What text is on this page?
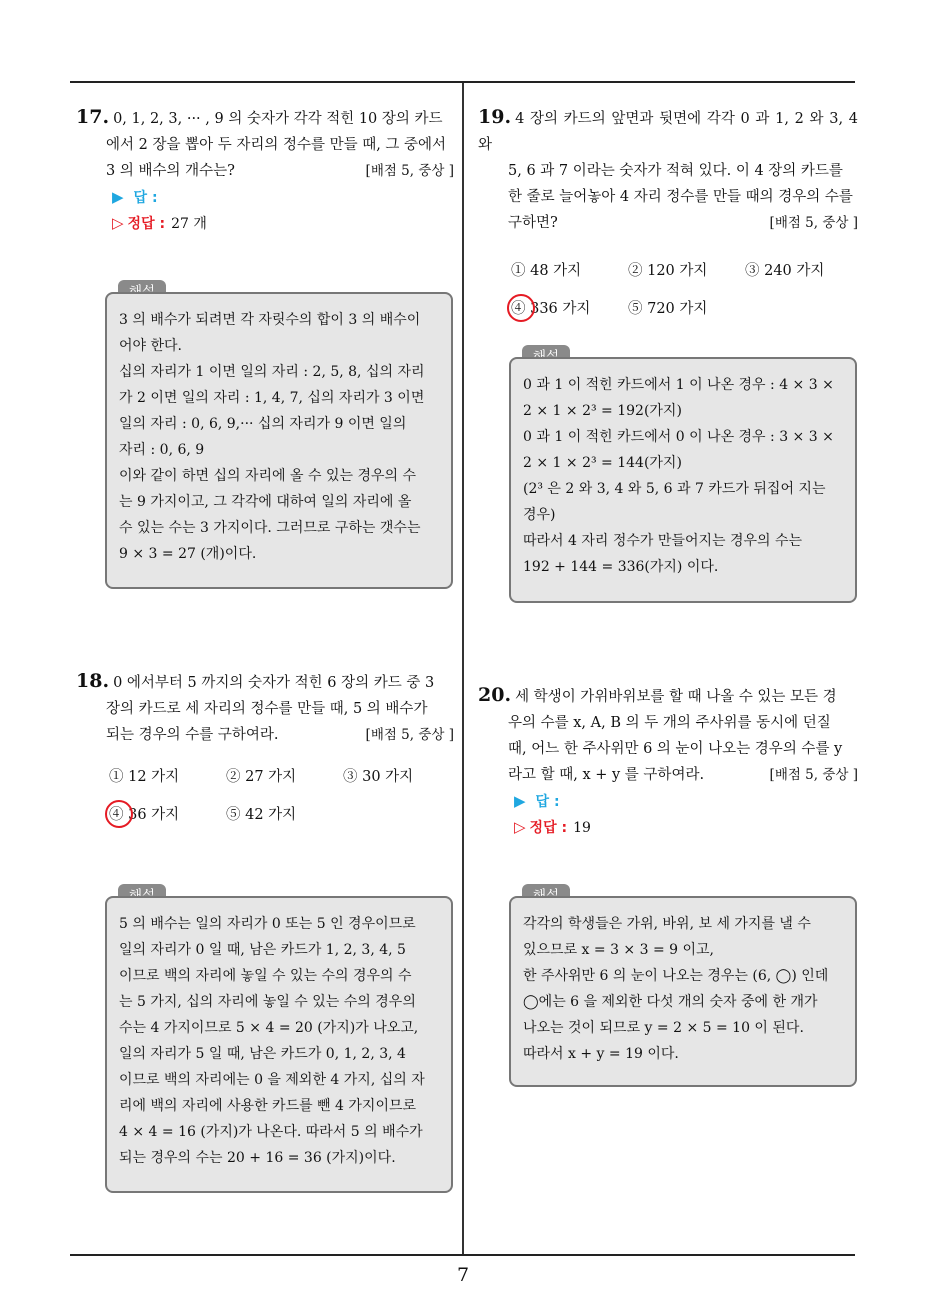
17. 0, 1, 2, 3, ··· , 9 의 숫자가 각각 적힌 10 장의 카드

에서 2 장을 뽑아 두 자리의 정수를 만들 때, 그 중에서

3 의 배수의 개수는?	[배점 5, 중상 ]

▶ 답 :
▷ 정답 : 27 개

3 의 배수가 되려면 각 자릿수의 합이 3 의 배수이

어야 한다.

십의 자리가 1 이면 일의 자리 : 2, 5, 8, 십의 자리

가 2 이면 일의 자리 : 1, 4, 7, 십의 자리가 3 이면

일의 자리 : 0, 6, 9,··· 십의 자리가 9 이면 일의

자리 : 0, 6, 9

이와 같이 하면 십의 자리에 올 수 있는 경우의 수

는 9 가지이고, 그 각각에 대하여 일의 자리에 올

수 있는 수는 3 가지이다. 그러므로 구하는 갯수는

9 × 3 = 27 (개)이다.

18. 0 에서부터 5 까지의 숫자가 적힌 6 장의 카드 중 3

장의 카드로 세 자리의 정수를 만들 때, 5 의 배수가

되는 경우의 수를 구하여라.	[배점 5, 중상 ]

① 12 가지	② 27 가지	③ 30 가지
④ 36 가지	⑤ 42 가지

5 의 배수는 일의 자리가 0 또는 5 인 경우이므로

일의 자리가 0 일 때, 남은 카드가 1, 2, 3, 4, 5

이므로 백의 자리에 놓일 수 있는 수의 경우의 수

는 5 가지, 십의 자리에 놓일 수 있는 수의 경우의

수는 4 가지이므로 5 × 4 = 20 (가지)가 나오고,

일의 자리가 5 일 때, 남은 카드가 0, 1, 2, 3, 4

이므로 백의 자리에는 0 을 제외한 4 가지, 십의 자

리에 백의 자리에 사용한 카드를 뺀 4 가지이므로

4 × 4 = 16 (가지)가 나온다. 따라서 5 의 배수가

되는 경우의 수는 20 + 16 = 36 (가지)이다.

19. 4 장의 카드의 앞면과 뒷면에 각각 0 과 1, 2 와 3, 4 와

5, 6 과 7 이라는 숫자가 적혀 있다. 이 4 장의 카드를

한 줄로 늘어놓아 4 자리 정수를 만들 때의 경우의 수를

구하면?	[배점 5, 중상 ]

① 48 가지	② 120 가지	③ 240 가지
④ 336 가지	⑤ 720 가지

0 과 1 이 적힌 카드에서 1 이 나온 경우 : 4 × 3 ×

2 × 1 × 2³ = 192(가지)

0 과 1 이 적힌 카드에서 0 이 나온 경우 : 3 × 3 ×

2 × 1 × 2³ = 144(가지)

(2³ 은 2 와 3, 4 와 5, 6 과 7 카드가 뒤집어 지는

경우)

따라서 4 자리 정수가 만들어지는 경우의 수는

192 + 144 = 336(가지) 이다.

20. 세 학생이 가위바위보를 할 때 나올 수 있는 모든 경

우의 수를 x, A, B 의 두 개의 주사위를 동시에 던질

때, 어느 한 주사위만 6 의 눈이 나오는 경우의 수를 y

라고 할 때, x + y 를 구하여라.	[배점 5, 중상 ]

▶ 답 :
▷ 정답 : 19

각각의 학생들은 가위, 바위, 보 세 가지를 낼 수

있으므로 x = 3 × 3 = 9 이고,

한 주사위만 6 의 눈이 나오는 경우는 (6, ◯) 인데

◯에는 6 을 제외한 다섯 개의 숫자 중에 한 개가

나오는 것이 되므로 y = 2 × 5 = 10 이 된다.

따라서 x + y = 19 이다.

7
